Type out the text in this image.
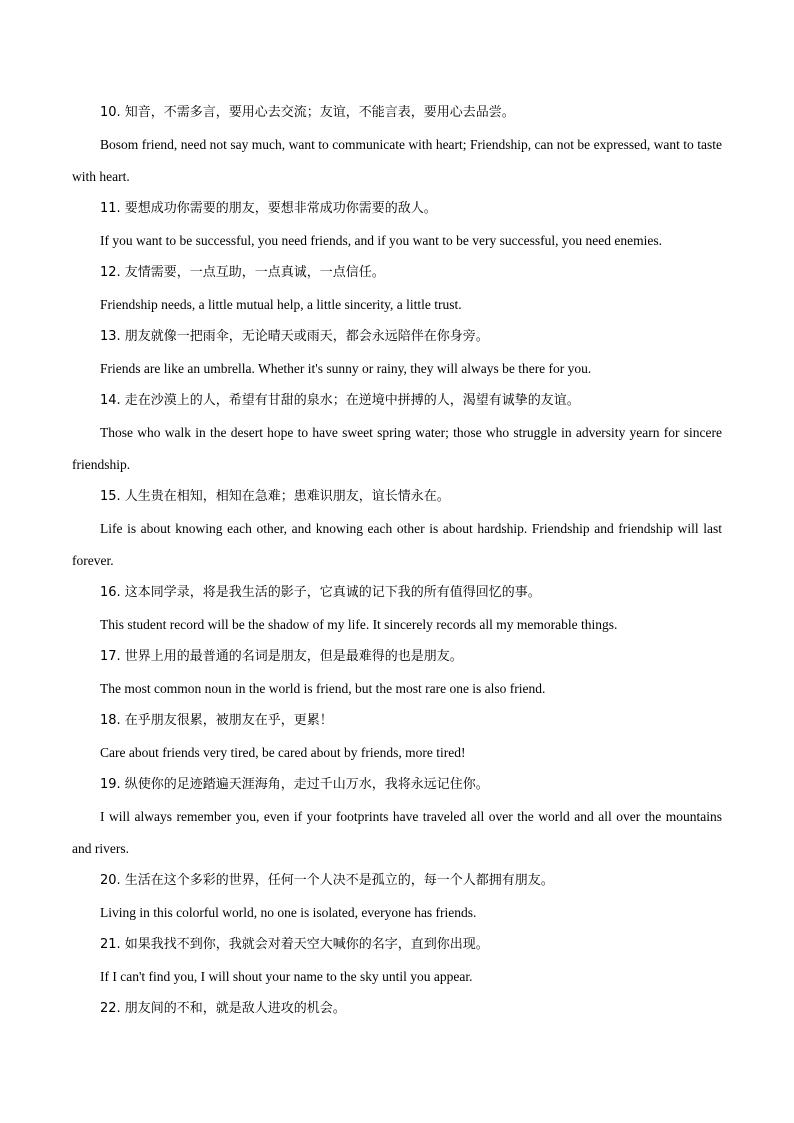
10. 知音，不需多言，要用心去交流；友谊，不能言表，要用心去品尝。

Bosom friend, need not say much, want to communicate with heart; Friendship, can not be expressed, want to taste with heart.

11. 要想成功你需要的朋友，要想非常成功你需要的敌人。

If you want to be successful, you need friends, and if you want to be very successful, you need enemies.

12. 友情需要，一点互助，一点真诚，一点信任。

Friendship needs, a little mutual help, a little sincerity, a little trust.

13. 朋友就像一把雨伞，无论晴天或雨天，都会永远陪伴在你身旁。

Friends are like an umbrella. Whether it's sunny or rainy, they will always be there for you.

14. 走在沙漠上的人，希望有甘甜的泉水；在逆境中拼搏的人，渴望有诚挚的友谊。

Those who walk in the desert hope to have sweet spring water; those who struggle in adversity yearn for sincere friendship.

15. 人生贵在相知，相知在急难；患难识朋友，谊长情永在。

Life is about knowing each other, and knowing each other is about hardship. Friendship and friendship will last forever.

16. 这本同学录，将是我生活的影子，它真诚的记下我的所有值得回忆的事。

This student record will be the shadow of my life. It sincerely records all my memorable things.

17. 世界上用的最普通的名词是朋友，但是最难得的也是朋友。

The most common noun in the world is friend, but the most rare one is also friend.

18. 在乎朋友很累，被朋友在乎，更累！

Care about friends very tired, be cared about by friends, more tired!

19. 纵使你的足迹踏遍天涯海角，走过千山万水，我将永远记住你。

I will always remember you, even if your footprints have traveled all over the world and all over the mountains and rivers.

20. 生活在这个多彩的世界，任何一个人决不是孤立的，每一个人都拥有朋友。

Living in this colorful world, no one is isolated, everyone has friends.

21. 如果我找不到你，我就会对着天空大喊你的名字，直到你出现。

If I can't find you, I will shout your name to the sky until you appear.

22. 朋友间的不和，就是敌人进攻的机会。
